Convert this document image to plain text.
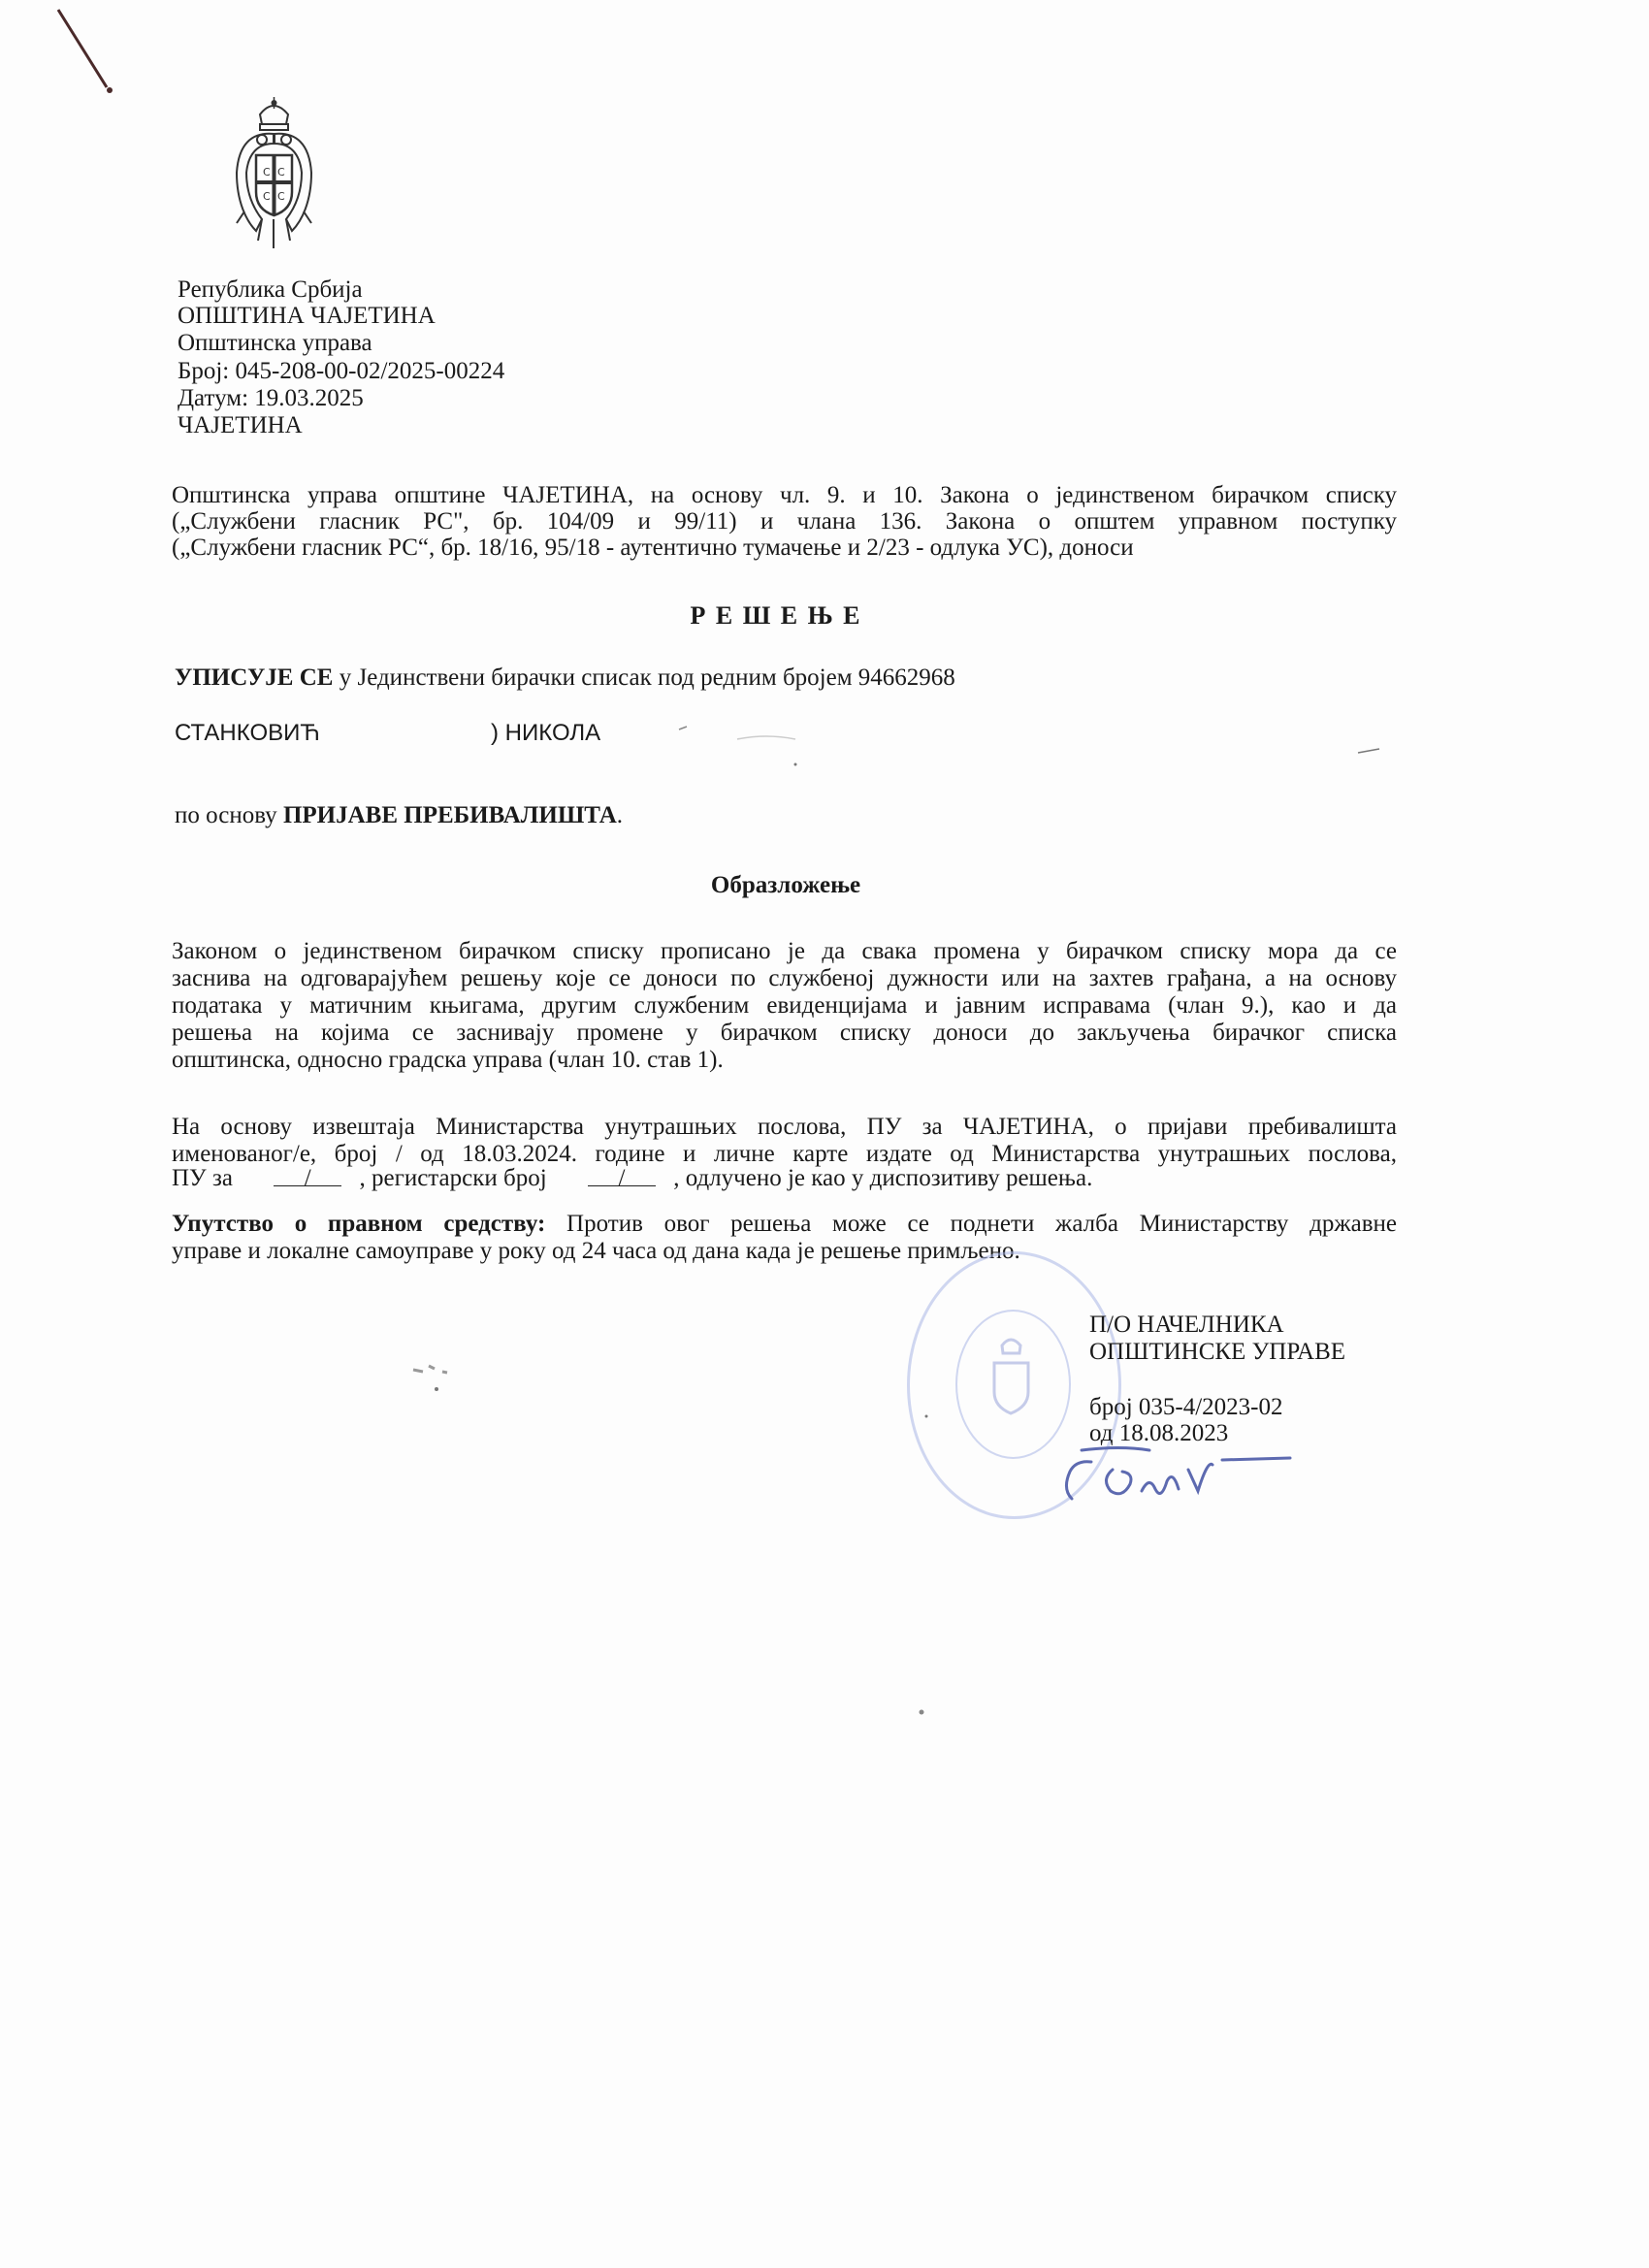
С С
С С
Република Србија
ОПШТИНА ЧАЈЕТИНА
Општинска управа
Број: 045-208-00-02/2025-00224
Датум: 19.03.2025
ЧАЈЕТИНА
Општинска управа општине ЧАЈЕТИНА, на основу чл. 9. и 10. Закона о јединственом бирачком списку
(„Службени гласник РС", бр. 104/09 и 99/11) и члана 136. Закона о општем управном поступку
(„Службени гласник РС“, бр. 18/16, 95/18 - аутентично тумачење и 2/23 - одлука УС), доноси
Р Е Ш Е Њ Е
УПИСУЈЕ СЕ у Јединствени бирачки списак под редним бројем 94662968
СТАНКОВИЋ	) НИКОЛА
по основу ПРИЈАВЕ ПРЕБИВАЛИШТА.
Образложење
Законом о јединственом бирачком списку прописано је да свака промена у бирачком списку мора да се
заснива на одговарајућем решењу које се доноси по службеној дужности или на захтев грађана, а на основу
података у матичним књигама, другим службеним евиденцијама и јавним исправама (члан 9.), као и да
решења на којима се заснивају промене у бирачком списку доноси до закључења бирачког списка
општинска, односно градска управа (члан 10. став 1).
На основу извештаја Министарства унутрашњих послова, ПУ за ЧАЈЕТИНА, о пријави пребивалишта
именованог/е, број / од 18.03.2024. године и личне карте издате од Министарства унутрашњих послова,
ПУ за	/ , регистарски број	/ , одлучено је као у диспозитиву решења.
Упутство о правном средству: Против овог решења може се поднети жалба Министарству државне
управе и локалне самоуправе у року од 24 часа од дана када је решење примљено.
П/О НАЧЕЛНИКА
ОПШТИНСКЕ УПРАВЕ
број 035-4/2023-02
од 18.08.2023
